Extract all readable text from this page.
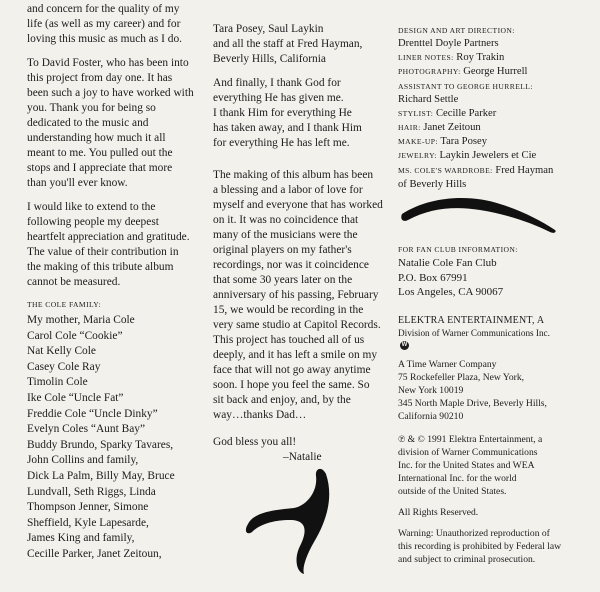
and concern for the quality of my

life (as well as my career) and for

loving this music as much as I do.

To David Foster, who has been into

this project from day one. It has

been such a joy to have worked with

you. Thank you for being so

dedicated to the music and

understanding how much it all

meant to me. You pulled out the

stops and I appreciate that more

than you'll ever know.

I would like to extend to the

following people my deepest

heartfelt appreciation and gratitude.

The value of their contribution in

the making of this tribute album

cannot be measured.

THE COLE FAMILY:

My mother, Maria Cole

Carol Cole “Cookie”

Nat Kelly Cole

Casey Cole Ray

Timolin Cole

Ike Cole “Uncle Fat”

Freddie Cole “Uncle Dinky”

Evelyn Coles “Aunt Bay”

Buddy Brundo, Sparky Tavares,

John Collins and family,

Dick La Palm, Billy May, Bruce

Lundvall, Seth Riggs, Linda

Thompson Jenner, Simone

Sheffield, Kyle Lapesarde,

James King and family,

Cecille Parker, Janet Zeitoun,

Tara Posey, Saul Laykin

and all the staff at Fred Hayman,

Beverly Hills, California

And finally, I thank God for

everything He has given me.

I thank Him for everything He

has taken away, and I thank Him

for everything He has left me.

The making of this album has been

a blessing and a labor of love for

myself and everyone that has worked

on it. It was no coincidence that

many of the musicians were the

original players on my father's

recordings, nor was it coincidence

that some 30 years later on the

anniversary of his passing, February

15, we would be recording in the

very same studio at Capitol Records.

This project has touched all of us

deeply, and it has left a smile on my

face that will not go away anytime

soon. I hope you feel the same. So

sit back and enjoy, and, by the

way…thanks Dad…

God bless you all!

–Natalie

DESIGN AND ART DIRECTION:

Drenttel Doyle Partners

LINER NOTES: Roy Trakin

PHOTOGRAPHY: George Hurrell

ASSISTANT TO GEORGE HURRELL:

Richard Settle

STYLIST: Cecille Parker

HAIR: Janet Zeitoun

MAKE-UP: Tara Posey

JEWELRY: Laykin Jewelers et Cie

MS. COLE'S WARDROBE: Fred Hayman

of Beverly Hills

FOR FAN CLUB INFORMATION:

Natalie Cole Fan Club

P.O. Box 67991

Los Angeles, CA 90067

ELEKTRA ENTERTAINMENT, A

Division of Warner Communications Inc.

W

A Time Warner Company

75 Rockefeller Plaza, New York,

New York 10019

345 North Maple Drive, Beverly Hills,

California 90210

℗ & © 1991 Elektra Entertainment, a

division of Warner Communications

Inc. for the United States and WEA

International Inc. for the world

outside of the United States.

All Rights Reserved.

Warning: Unauthorized reproduction of

this recording is prohibited by Federal law

and subject to criminal prosecution.
